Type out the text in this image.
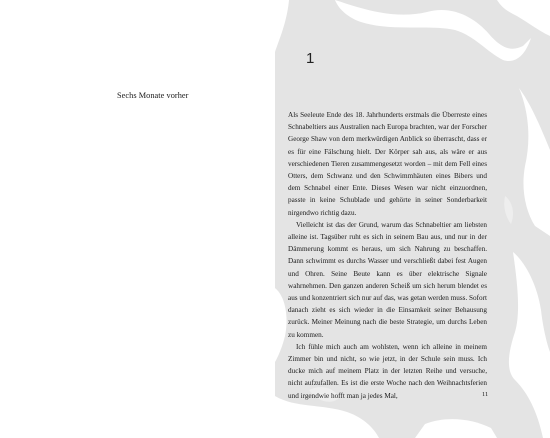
Sechs Monate vorher
1

Als Seeleute Ende des 18. Jahrhunderts erstmals die Überreste eines Schnabeltiers aus Australien nach Europa brachten, war der Forscher George Shaw von dem merkwürdigen Anblick so überrascht, dass er es für eine Fälschung hielt. Der Körper sah aus, als wäre er aus verschiedenen Tieren zusammengesetzt worden – mit dem Fell eines Otters, dem Schwanz und den Schwimmhäuten eines Bibers und dem Schnabel einer Ente. Dieses Wesen war nicht einzuordnen, passte in keine Schublade und gehörte in seiner Sonderbarkeit nirgendwo richtig dazu.

Vielleicht ist das der Grund, warum das Schnabeltier am liebsten alleine ist. Tagsüber ruht es sich in seinem Bau aus, und nur in der Dämmerung kommt es heraus, um sich Nahrung zu beschaffen. Dann schwimmt es durchs Wasser und verschließt dabei fest Augen und Ohren. Seine Beute kann es über elektrische Signale wahrnehmen. Den ganzen anderen Scheiß um sich herum blendet es aus und konzentriert sich nur auf das, was getan werden muss. Sofort danach zieht es sich wieder in die Einsamkeit seiner Behausung zurück. Meiner Meinung nach die beste Strategie, um durchs Leben zu kommen.

Ich fühle mich auch am wohlsten, wenn ich alleine in meinem Zimmer bin und nicht, so wie jetzt, in der Schule sein muss. Ich ducke mich auf meinem Platz in der letzten Reihe und versuche, nicht aufzufallen. Es ist die erste Woche nach den Weihnachtsferien und irgendwie hofft man ja jedes Mal,	11
